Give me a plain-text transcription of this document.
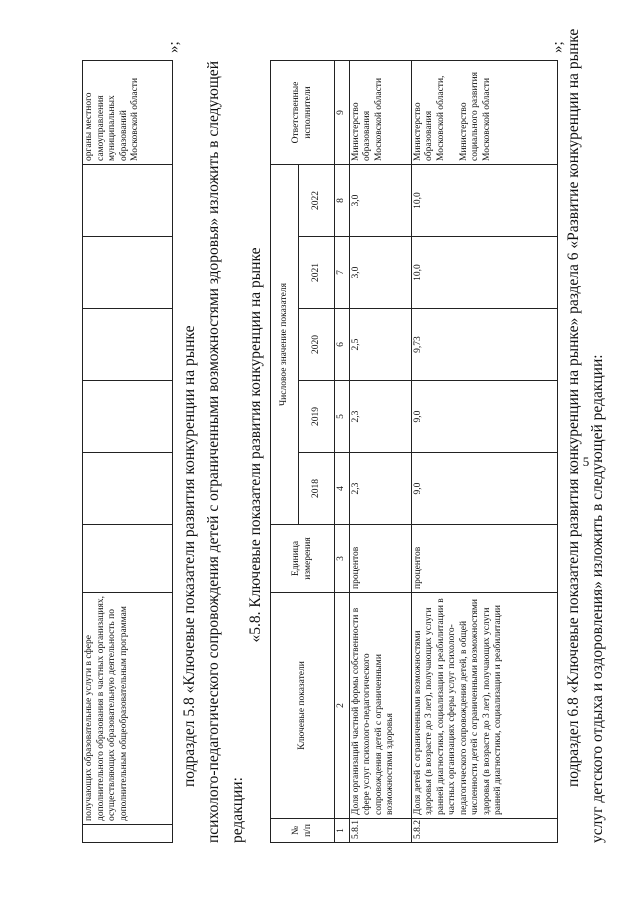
5
	получающих образовательные услуги в сфере дополнительного образования в частных организациях, осуществляющих образовательную деятельность по дополнительным общеобразовательным программам							органы местного самоуправления муниципальных образований Московской области
»;
подраздел 5.8 «Ключевые показатели развития конкуренции на рынке психолого-педагогического сопровождения детей с ограниченными возможностями здоровья» изложить в следующей редакции:
«5.8. Ключевые показатели развития конкуренции на рынке
№ п/п	Ключевые показатели	Единица измерения	Числовое значение показателя					Ответственные исполнители
			2018	2019	2020	2021	2022	
1	2	3	4	5	6	7	8	9
5.8.1	Доля организаций частной формы собственности в сфере услуг психолого-педагогического сопровождения детей с ограниченными возможностями здоровья	процентов	2,3	2,3	2,5	3,0	3,0	Министерство образования Московской области
5.8.2	Доля детей с ограниченными возможностями здоровья (в возрасте до 3 лет), получающих услуги ранней диагностики, социализации и реабилитации в частных организациях сферы услуг психолого-педагогического сопровождения детей, в общей численности детей с ограниченными возможностями здоровья (в возрасте до 3 лет), получающих услуги ранней диагностики, социализации и реабилитации	процентов	9,0	9,0	9,73	10,0	10,0	Министерство образования Московской области,

Министерство социального развития Московской области
»; подраздел 6.8 «Ключевые показатели развития конкуренции на рынке» раздела 6 «Развитие конкуренции на рынке услуг детского отдыха и оздоровления» изложить в следующей редакции:
